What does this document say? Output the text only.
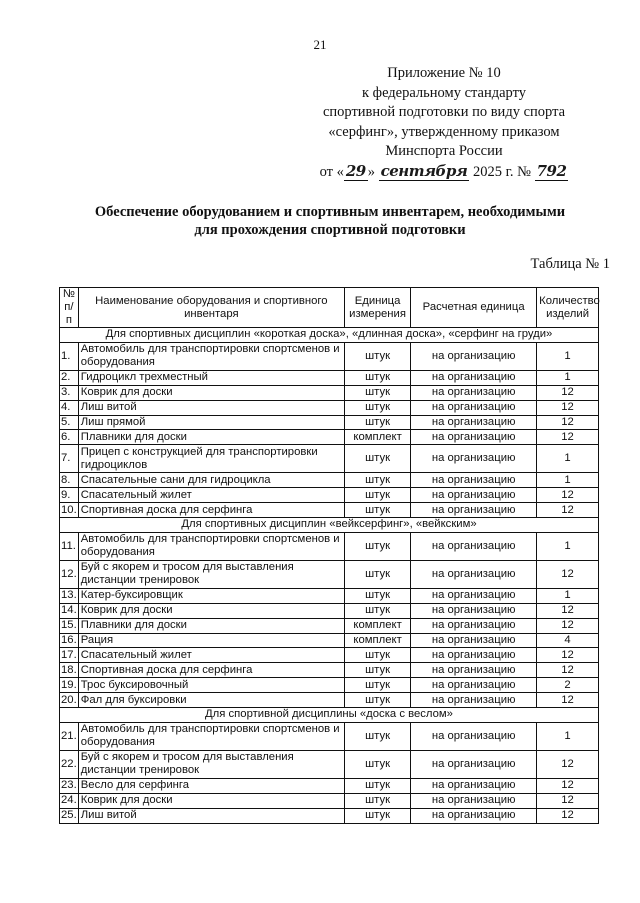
21
Приложение № 10
к федеральному стандарту
спортивной подготовки по виду спорта
«серфинг», утвержденному приказом
Минспорта России
от « 29 » сентября 2025 г. № 792
Обеспечение оборудованием и спортивным инвентарем, необходимыми
для прохождения спортивной подготовки
Таблица № 1
№ п/п	Наименование оборудования и спортивного инвентаря	Единица измерения	Расчетная единица	Количество изделий
Для спортивных дисциплин «короткая доска», «длинная доска», «серфинг на груди»				
1.	Автомобиль для транспортировки спортсменов и оборудования	штук	на организацию	1
2.	Гидроцикл трехместный	штук	на организацию	1
3.	Коврик для доски	штук	на организацию	12
4.	Лиш витой	штук	на организацию	12
5.	Лиш прямой	штук	на организацию	12
6.	Плавники для доски	комплект	на организацию	12
7.	Прицеп с конструкцией для транспортировки гидроциклов	штук	на организацию	1
8.	Спасательные сани для гидроцикла	штук	на организацию	1
9.	Спасательный жилет	штук	на организацию	12
10.	Спортивная доска для серфинга	штук	на организацию	12
Для спортивных дисциплин «вейксерфинг», «вейкским»				
11.	Автомобиль для транспортировки спортсменов и оборудования	штук	на организацию	1
12.	Буй с якорем и тросом для выставления дистанции тренировок	штук	на организацию	12
13.	Катер-буксировщик	штук	на организацию	1
14.	Коврик для доски	штук	на организацию	12
15.	Плавники для доски	комплект	на организацию	12
16.	Рация	комплект	на организацию	4
17.	Спасательный жилет	штук	на организацию	12
18.	Спортивная доска для серфинга	штук	на организацию	12
19.	Трос буксировочный	штук	на организацию	2
20.	Фал для буксировки	штук	на организацию	12
Для спортивной дисциплины «доска с веслом»				
21.	Автомобиль для транспортировки спортсменов и оборудования	штук	на организацию	1
22.	Буй с якорем и тросом для выставления дистанции тренировок	штук	на организацию	12
23.	Весло для серфинга	штук	на организацию	12
24.	Коврик для доски	штук	на организацию	12
25.	Лиш витой	штук	на организацию	12
